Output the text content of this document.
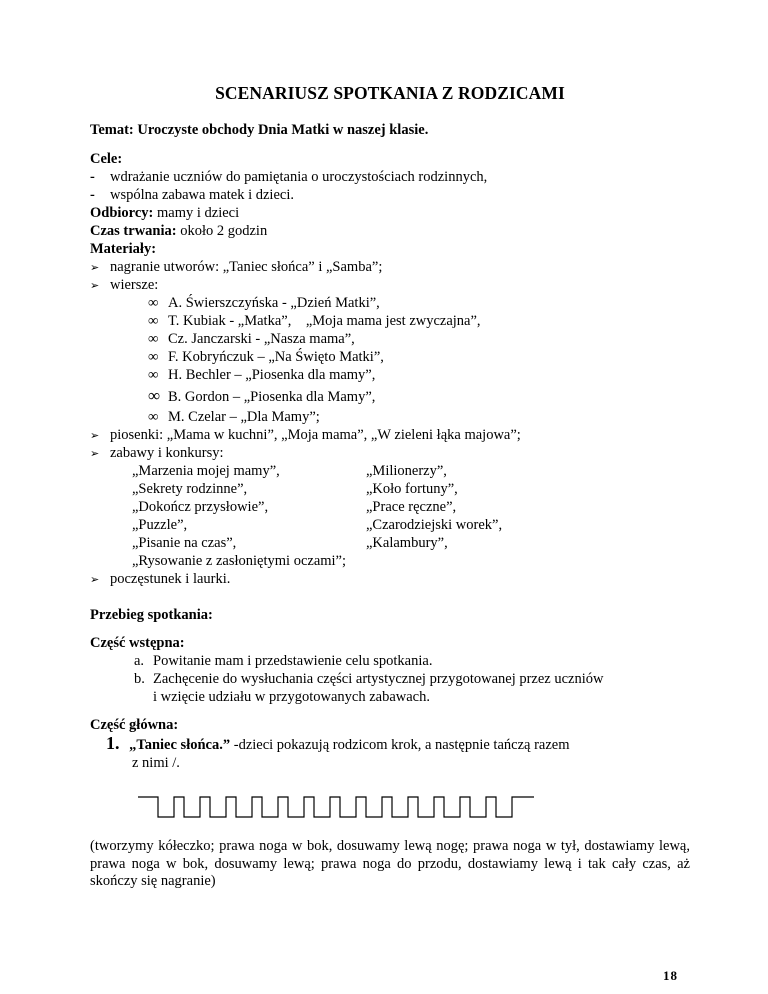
SCENARIUSZ SPOTKANIA Z RODZICAMI
Temat: Uroczyste obchody Dnia Matki w naszej klasie.
Cele:
- wdrażanie uczniów do pamiętania o uroczystościach rodzinnych,
- wspólna zabawa matek i dzieci.
Odbiorcy: mamy i dzieci
Czas trwania: około 2 godzin
Materiały:
➢ nagranie utworów: „Taniec słońca” i „Samba”;
➢ wiersze:
∞ A. Świerszczyńska - „Dzień Matki”,
∞ T. Kubiak - „Matka”,    „Moja mama jest zwyczajna”,
∞ Cz. Janczarski - „Nasza mama”,
∞ F. Kobryńczuk – „Na Święto Matki”,
∞ H. Bechler – „Piosenka dla mamy”,
∞ B. Gordon – „Piosenka dla Mamy”,
∞ M. Czelar – „Dla Mamy”;
➢ piosenki: „Mama w kuchni”, „Moja mama”, „W zieleni łąka majowa”;
➢ zabawy i konkursy:
„Marzenia mojej mamy”,	„Milionerzy”,
„Sekrety rodzinne”,	„Koło fortuny”,
„Dokończ przysłowie”,	„Prace ręczne”,
„Puzzle”,	„Czarodziejski worek”,
„Pisanie na czas”,	„Kalambury”,
„Rysowanie z zasłoniętymi oczami”;
➢ poczęstunek i laurki.
Przebieg spotkania:
Część wstępna:
a. Powitanie mam i przedstawienie celu spotkania.
b. Zachęcenie do wysłuchania części artystycznej przygotowanej przez uczniów
i wzięcie udziału w przygotowanych zabawach.
Część główna:
1. „Taniec słońca.” -dzieci pokazują rodzicom krok, a następnie tańczą razem
z nimi /.
(tworzymy kółeczko; prawa noga w bok, dosuwamy lewą nogę; prawa noga w tył, dostawiamy lewą, prawa noga w bok, dosuwamy lewą; prawa noga do przodu, dostawiamy lewą i tak cały czas, aż skończy się nagranie)
18
